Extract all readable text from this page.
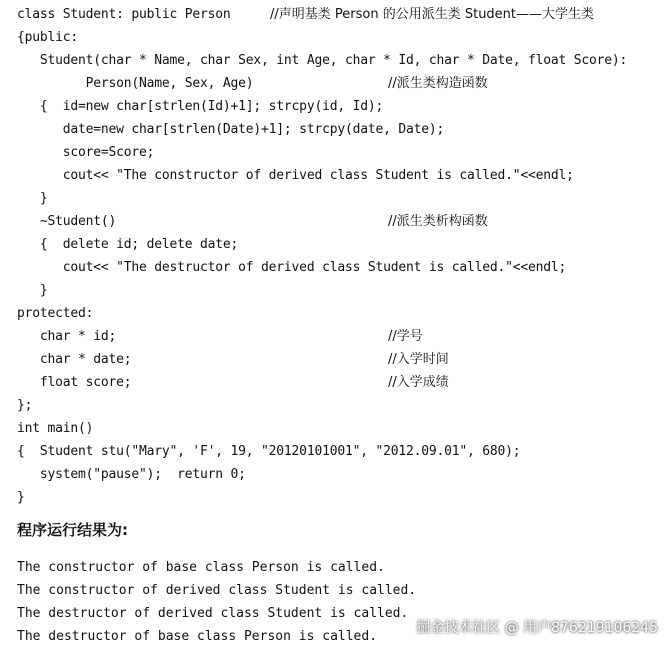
class Student: public Person	//声明基类 Person 的公用派生类 Student——大学生类
{public:
Student(char * Name, char Sex, int Age, char * Id, char * Date, float Score):
Person(Name, Sex, Age)	//派生类构造函数
{  id=new char[strlen(Id)+1]; strcpy(id, Id);
date=new char[strlen(Date)+1]; strcpy(date, Date);
score=Score;
cout<< "The constructor of derived class Student is called."<<endl;
}
~Student()	//派生类析构函数
{  delete id; delete date;
cout<< "The destructor of derived class Student is called."<<endl;
}
protected:
char * id;	//学号
char * date;	//入学时间
float score;	//入学成绩
};
int main()
{  Student stu("Mary", 'F', 19, "20120101001", "2012.09.01", 680);
system("pause");  return 0;
}
程序运行结果为:
The constructor of base class Person is called.
The constructor of derived class Student is called.
The destructor of derived class Student is called.
The destructor of base class Person is called.
掘金技术社区 @ 用户876219106245
